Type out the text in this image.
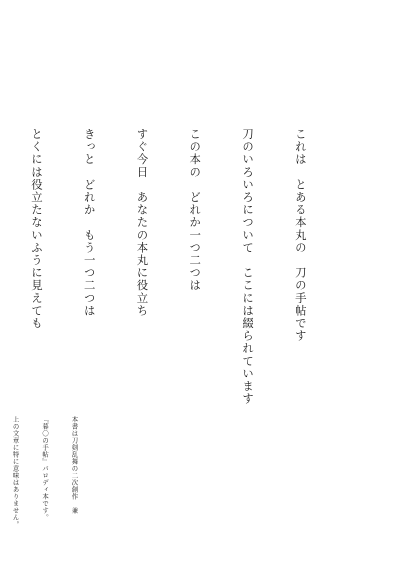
これは　とある本丸の　刀の手帖です

刀のいろいろについて　ここには綴られています

この本の　どれか一つ二つは

すぐ今日　あなたの本丸に役立ち

きっと　どれか　もう一つ二つは

とくには役立たないふうに見えても

本書は刀剣乱舞の二次創作　兼

『暮〇の手帖』パロディ本です。

上の文章に特に意味はありません。
